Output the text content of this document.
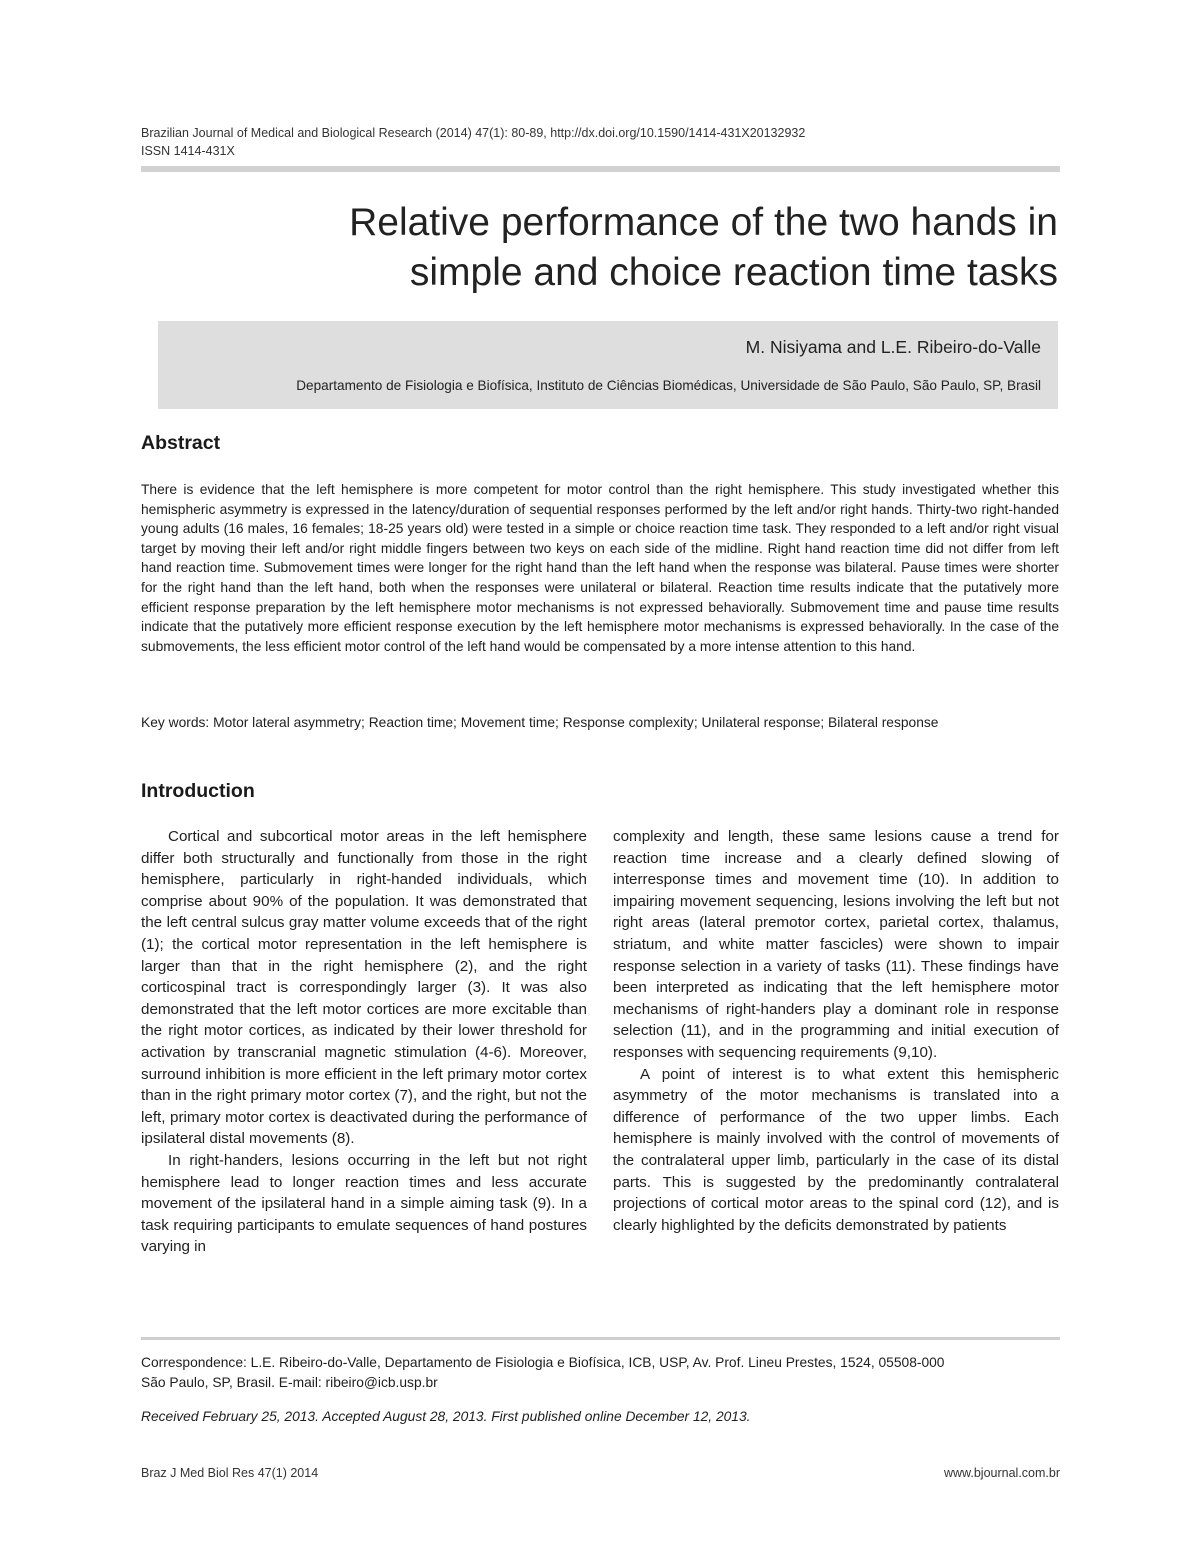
Brazilian Journal of Medical and Biological Research (2014) 47(1): 80-89, http://dx.doi.org/10.1590/1414-431X20132932
ISSN 1414-431X
Relative performance of the two hands in
simple and choice reaction time tasks
M. Nisiyama and L.E. Ribeiro-do-Valle
Departamento de Fisiologia e Biofísica, Instituto de Ciências Biomédicas, Universidade de São Paulo, São Paulo, SP, Brasil
Abstract

There is evidence that the left hemisphere is more competent for motor control than the right hemisphere. This study investigated whether this hemispheric asymmetry is expressed in the latency/duration of sequential responses performed by the left and/or right hands. Thirty-two right-handed young adults (16 males, 16 females; 18-25 years old) were tested in a simple or choice reaction time task. They responded to a left and/or right visual target by moving their left and/or right middle fingers between two keys on each side of the midline. Right hand reaction time did not differ from left hand reaction time. Submovement times were longer for the right hand than the left hand when the response was bilateral. Pause times were shorter for the right hand than the left hand, both when the responses were unilateral or bilateral. Reaction time results indicate that the putatively more efficient response preparation by the left hemisphere motor mechanisms is not expressed behaviorally. Submovement time and pause time results indicate that the putatively more efficient response execution by the left hemisphere motor mechanisms is expressed behaviorally. In the case of the submovements, the less efficient motor control of the left hand would be compensated by a more intense attention to this hand.

Key words: Motor lateral asymmetry; Reaction time; Movement time; Response complexity; Unilateral response; Bilateral response

Introduction

Cortical and subcortical motor areas in the left hemisphere differ both structurally and functionally from those in the right hemisphere, particularly in right-handed individuals, which comprise about 90% of the population. It was demonstrated that the left central sulcus gray matter volume exceeds that of the right (1); the cortical motor representation in the left hemisphere is larger than that in the right hemisphere (2), and the right corticospinal tract is correspondingly larger (3). It was also demonstrated that the left motor cortices are more excitable than the right motor cortices, as indicated by their lower threshold for activation by transcranial magnetic stimulation (4-6). Moreover, surround inhibition is more efficient in the left primary motor cortex than in the right primary motor cortex (7), and the right, but not the left, primary motor cortex is deactivated during the performance of ipsilateral distal movements (8).

In right-handers, lesions occurring in the left but not right hemisphere lead to longer reaction times and less accurate movement of the ipsilateral hand in a simple aiming task (9). In a task requiring participants to emulate sequences of hand postures varying in

complexity and length, these same lesions cause a trend for reaction time increase and a clearly defined slowing of interresponse times and movement time (10). In addition to impairing movement sequencing, lesions involving the left but not right areas (lateral premotor cortex, parietal cortex, thalamus, striatum, and white matter fascicles) were shown to impair response selection in a variety of tasks (11). These findings have been interpreted as indicating that the left hemisphere motor mechanisms of right-handers play a dominant role in response selection (11), and in the programming and initial execution of responses with sequencing requirements (9,10).

A point of interest is to what extent this hemispheric asymmetry of the motor mechanisms is translated into a difference of performance of the two upper limbs. Each hemisphere is mainly involved with the control of movements of the contralateral upper limb, particularly in the case of its distal parts. This is suggested by the predominantly contralateral projections of cortical motor areas to the spinal cord (12), and is clearly highlighted by the deficits demonstrated by patients

Correspondence: L.E. Ribeiro-do-Valle, Departamento de Fisiologia e Biofísica, ICB, USP, Av. Prof. Lineu Prestes, 1524, 05508-000
São Paulo, SP, Brasil. E-mail: ribeiro@icb.usp.br

Received February 25, 2013. Accepted August 28, 2013. First published online December 12, 2013.

Braz J Med Biol Res 47(1) 2014	www.bjournal.com.br
